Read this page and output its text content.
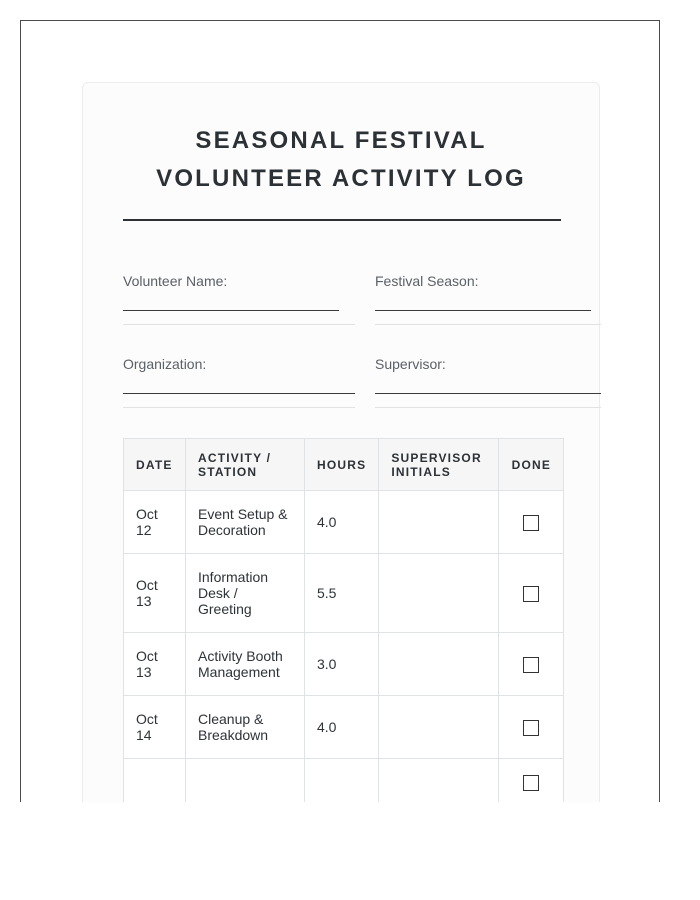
SEASONAL FESTIVAL
VOLUNTEER ACTIVITY LOG
Volunteer Name:	Festival Season:
Organization:	Supervisor:
DATE	ACTIVITY / STATION	HOURS	SUPERVISOR INITIALS	DONE
Oct 12	Event Setup & Decoration	4.0		
Oct 13	Information Desk / Greeting	5.5		
Oct 13	Activity Booth Management	3.0		
Oct 14	Cleanup & Breakdown	4.0		
